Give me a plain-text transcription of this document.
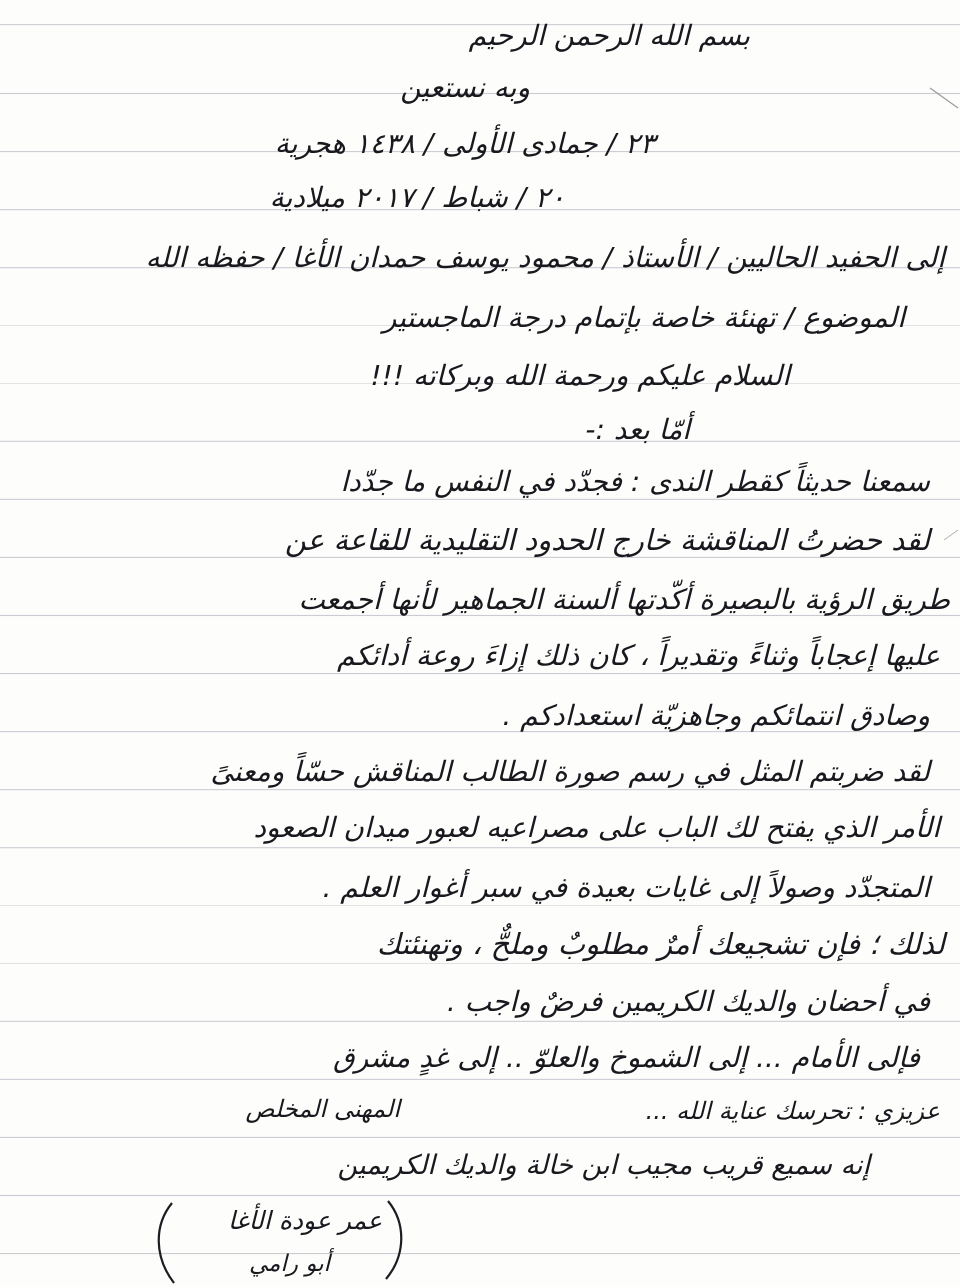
بسم الله الرحمن الرحيم
وبه نستعين
٢٣ / جمادى الأولى / ١٤٣٨ هجرية
٢٠ / شباط / ٢٠١٧ ميلادية
إلى الحفيد الحاليين / الأستاذ / محمود يوسف حمدان الأغا / حفظه الله
الموضوع / تهنئة خاصة بإتمام درجة الماجستير
السلام عليكم ورحمة الله وبركاته !!!
أمّا بعد :-
سمعنا حديثاً كقطر الندى : فجدّد في النفس ما جدّدا
لقد حضرتُ المناقشة خارج الحدود التقليدية للقاعة عن
طريق الرؤية بالبصيرة أكّدتها ألسنة الجماهير لأنها أجمعت
عليها إعجاباً وثناءً وتقديراً ، كان ذلك إزاءَ روعة أدائكم
وصادق انتمائكم وجاهزيّة استعدادكم .
لقد ضربتم المثل في رسم صورة الطالب المناقش حسّاً ومعنىً
الأمر الذي يفتح لك الباب على مصراعيه لعبور ميدان الصعود
المتجدّد وصولاً إلى غايات بعيدة في سبر أغوار العلم .
لذلك ؛ فإن تشجيعك أمرٌ مطلوبٌ وملحٌّ ، وتهنئتك
في أحضان والديك الكريمين فرضٌ واجب .
فإلى الأمام ... إلى الشموخ والعلوّ .. إلى غدٍ مشرق
عزيزي : تحرسك عناية الله ...
المهنى المخلص
إنه سميع قريب مجيب ابن خالة والديك الكريمين
عمر عودة الأغا
أبو رامي
